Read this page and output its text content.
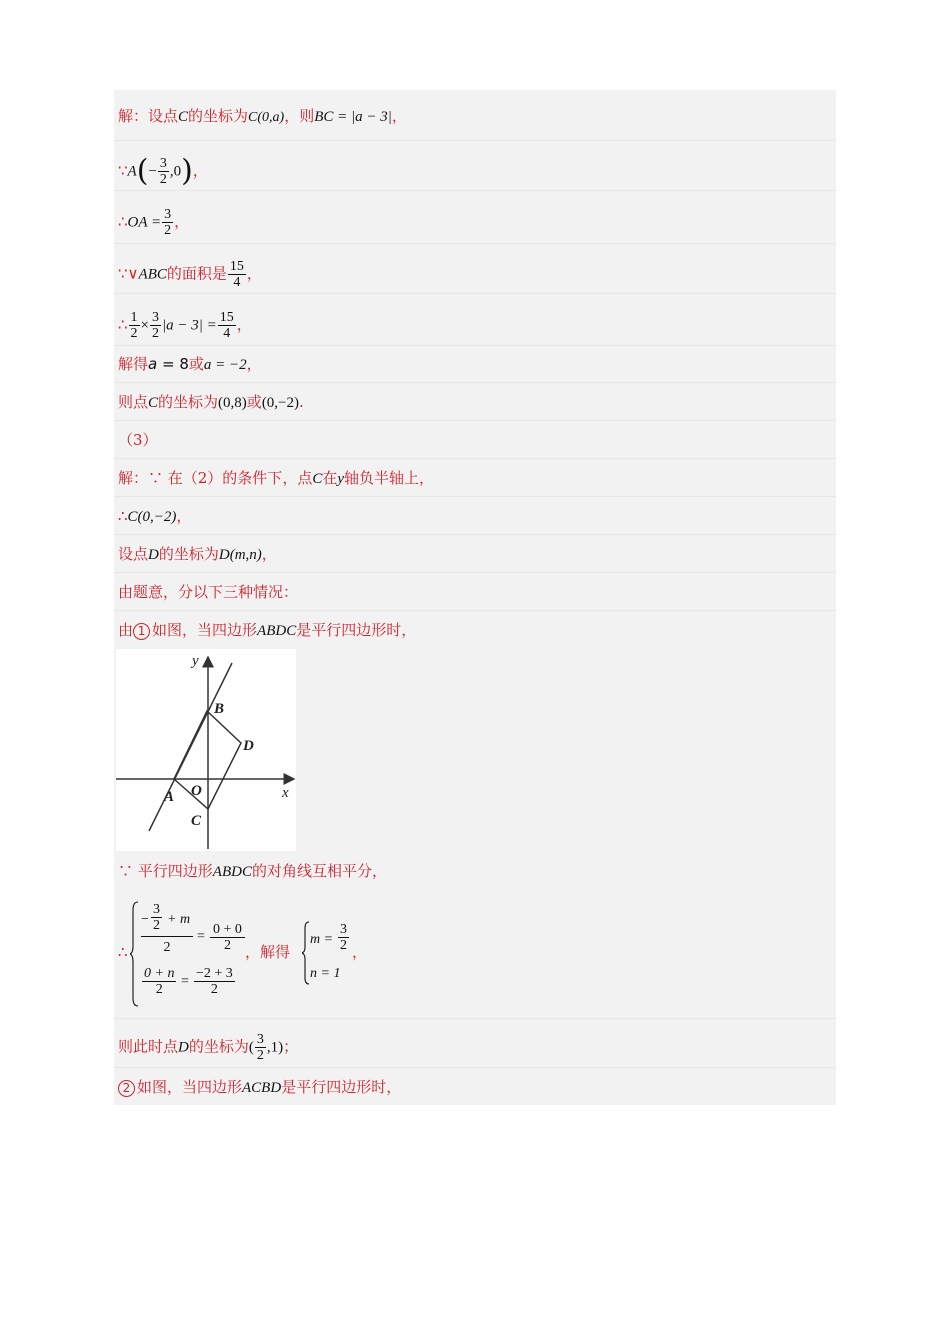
解：设点C的坐标为C(0,a)，则BC = |a − 3|，
∵A(− $\frac{3}{2} ,0$)，
∴OA = $\frac{3}{2}$ ，
∵∨ABC的面积是 $\frac{15}{4}$ ，
∴ $\frac{1}{2} \times \frac{3}{2} |a - 3| = \frac{15}{4}$ ，
解得a = 8或a = −2，
则点C的坐标为(0,8)或(0,−2).
（3）
解：∵ 在（2）的条件下，点C在y轴负半轴上，
∴C(0,−2)，
设点D的坐标为D(m,n)，
由题意，分以下三种情况：
由 1 如图，当四边形ABDC是平行四边形时，
y
x
B
D
A O
C
∵ 平行四边形ABDC的对角线互相平分，
∴
− $\frac{3}{2} + m$
2
= $\frac{0 + 0}{2}$
$\frac{0 + n}{2} = \frac{-2 + 3}{2}$
，解得
$m = \frac{3}{2}$ ，
n = 1
则此时点D的坐标为( $\frac{3}{2} ,1$)；
2 如图，当四边形ACBD是平行四边形时，
